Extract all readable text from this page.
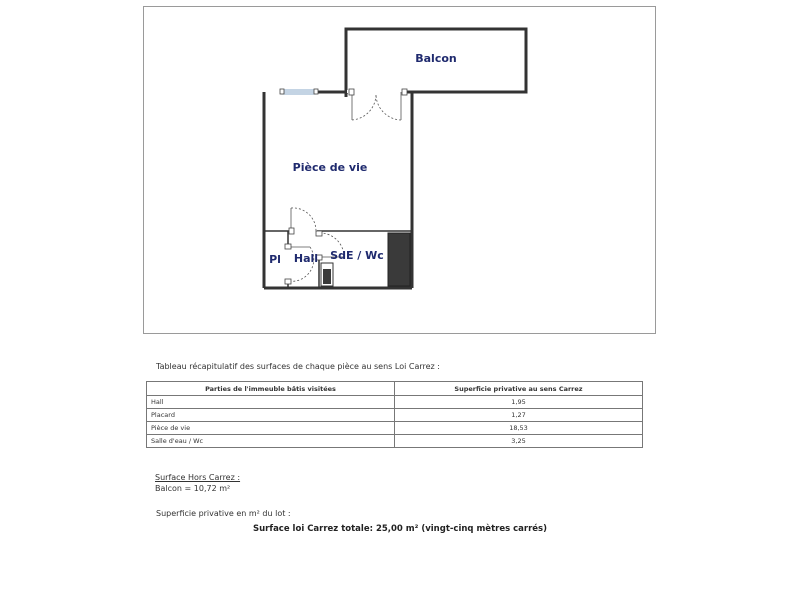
Balcon
Pièce de vie
Pl Hall SdE / Wc
Tableau récapitulatif des surfaces de chaque pièce au sens Loi Carrez :
Parties de l'immeuble bâtis visitées	Superficie privative au sens Carrez
Hall	1,95
Placard	1,27
Pièce de vie	18,53
Salle d'eau / Wc	3,25
Surface Hors Carrez :
Balcon = 10,72 m²
Superficie privative en m² du lot :
Surface loi Carrez totale: 25,00 m² (vingt-cinq mètres carrés)
